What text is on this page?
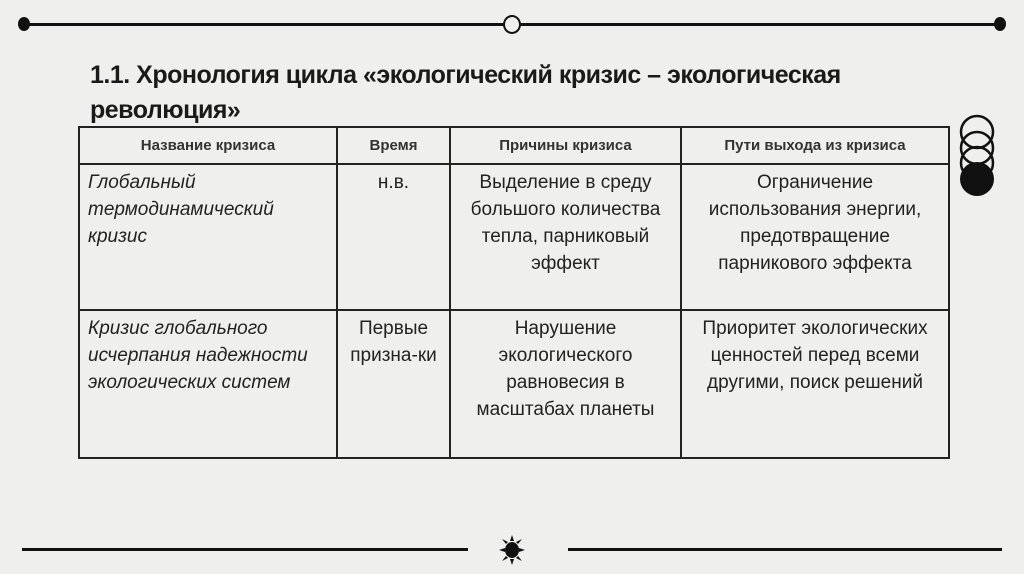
1.1. Хронология цикла «экологический кризис – экологическая революция»
Название кризиса	Время	Причины кризиса	Пути выхода из кризиса
Глобальный термодинамический кризис	н.в.	Выделение в среду большого количества тепла, парниковый эффект	Ограничение использования энергии, предотвращение парникового эффекта
Кризис глобального исчерпания надежности экологических систем	Первые призна-ки	Нарушение экологического равновесия в масштабах планеты	Приоритет экологических ценностей перед всеми другими, поиск решений
